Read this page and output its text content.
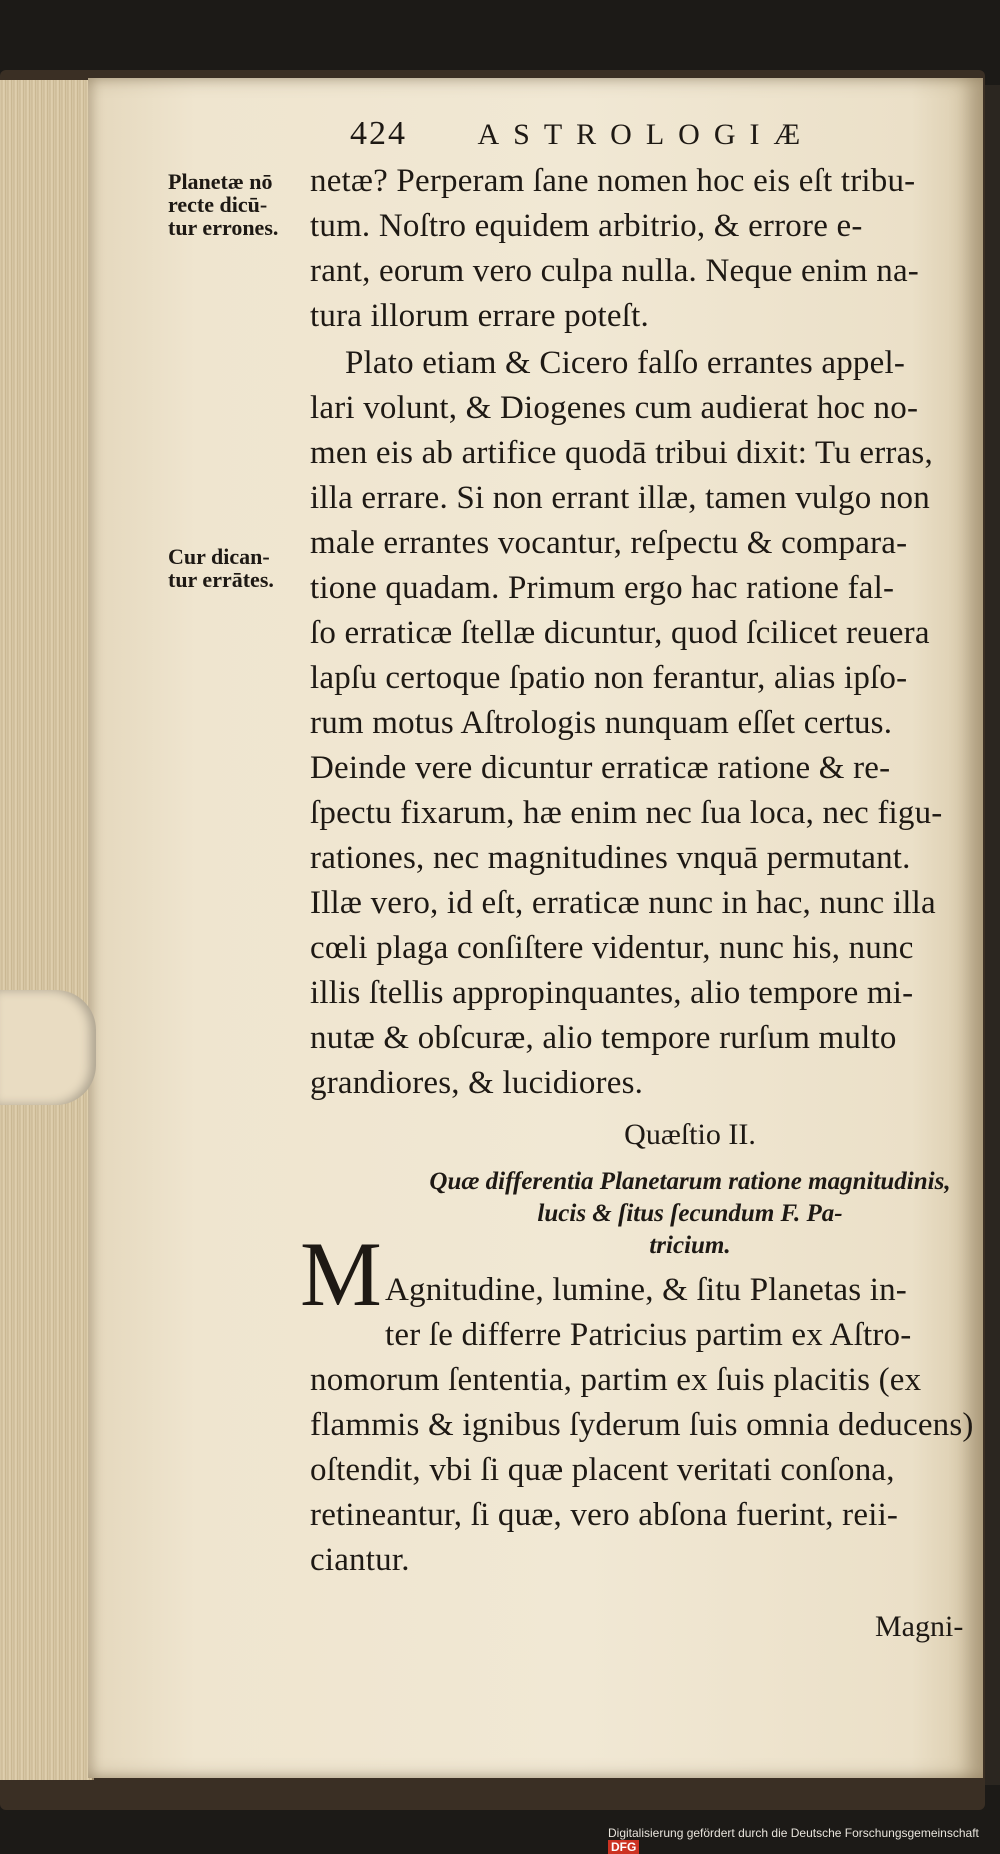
424 ASTROLOGIÆ
Planetæ nō
recte dicū-
tur errones.
netæ? Perperam ſane nomen hoc eis eſt tribu-
tum. Noſtro equidem arbitrio, & errore e-
rant, eorum vero culpa nulla. Neque enim na-
tura illorum errare poteſt.
Plato etiam & Cicero falſo errantes appel-
lari volunt, & Diogenes cum audierat hoc no-
men eis ab artifice quodā tribui dixit: Tu erras,
illa errare. Si non errant illæ, tamen vulgo non
male errantes vocantur, reſpectu & compara-
tione quadam. Primum ergo hac ratione fal-
ſo erraticæ ſtellæ dicuntur, quod ſcilicet reuera
lapſu certoque ſpatio non ferantur, alias ipſo-
rum motus Aſtrologis nunquam eſſet certus.
Deinde vere dicuntur erraticæ ratione & re-
ſpectu fixarum, hæ enim nec ſua loca, nec figu-
rationes, nec magnitudines vnquā permutant.
Illæ vero, id eſt, erraticæ nunc in hac, nunc illa
cœli plaga conſiſtere videntur, nunc his, nunc
illis ſtellis appropinquantes, alio tempore mi-
nutæ & obſcuræ, alio tempore rurſum multo
grandiores, & lucidiores.
Cur dican-
tur errātes.
Quæſtio II.
Quæ differentia Planetarum ratione magnitudinis,
lucis & ſitus ſecundum F. Pa-
M	tricium.
Agnitudine, lumine, & ſitu Planetas in-
ter ſe differre Patricius partim ex Aſtro-
nomorum ſententia, partim ex ſuis placitis (ex
flammis & ignibus ſyderum ſuis omnia deducens)
oſtendit, vbi ſi quæ placent veritati conſona,
retineantur, ſi quæ, vero abſona fuerint, reii-
ciantur.
Magni-
Digitalisierung gefördert durch die Deutsche Forschungsgemeinschaft DFG
